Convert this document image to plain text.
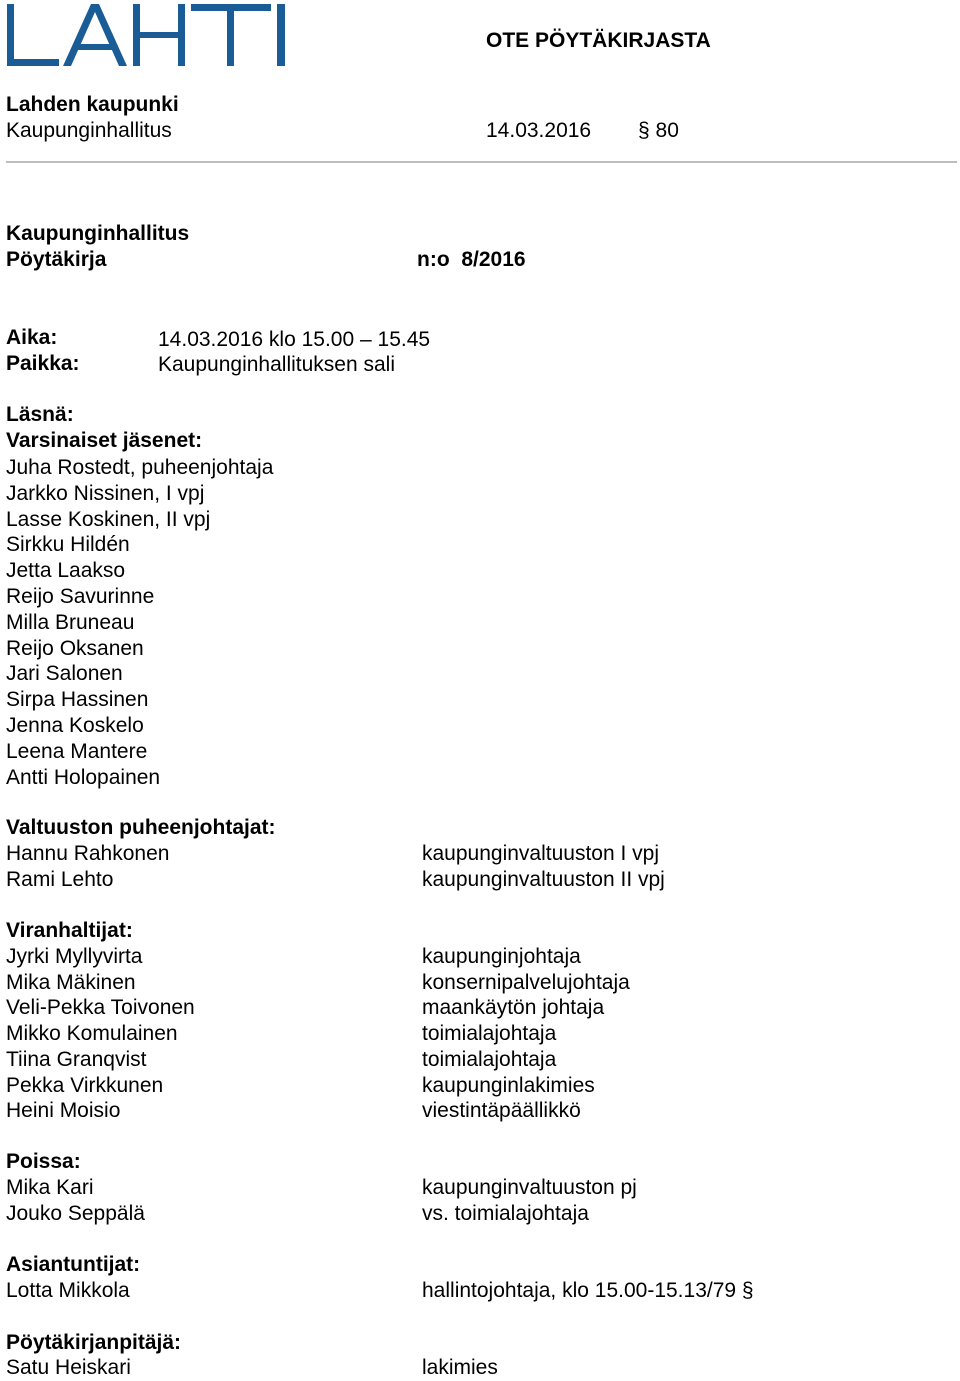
OTE PÖYTÄKIRJASTA
Lahden kaupunki
Kaupunginhallitus	14.03.2016 § 80
Kaupunginhallitus
Pöytäkirja	n:o  8/2016
Aika:	14.03.2016 klo 15.00 – 15.45
Paikka:	Kaupunginhallituksen sali
Läsnä:
Varsinaiset jäsenet:
Juha Rostedt, puheenjohtaja
Jarkko Nissinen, I vpj
Lasse Koskinen, II vpj
Sirkku Hildén
Jetta Laakso
Reijo Savurinne
Milla Bruneau
Reijo Oksanen
Jari Salonen
Sirpa Hassinen
Jenna Koskelo
Leena Mantere
Antti Holopainen
Valtuuston puheenjohtajat:
Hannu Rahkonen	kaupunginvaltuuston I vpj
Rami Lehto	kaupunginvaltuuston II vpj
Viranhaltijat:
Jyrki Myllyvirta	kaupunginjohtaja
Mika Mäkinen	konsernipalvelujohtaja
Veli-Pekka Toivonen	maankäytön johtaja
Mikko Komulainen	toimialajohtaja
Tiina Granqvist	toimialajohtaja
Pekka Virkkunen	kaupunginlakimies
Heini Moisio	viestintäpäällikkö
Poissa:
Mika Kari	kaupunginvaltuuston pj
Jouko Seppälä	vs. toimialajohtaja
Asiantuntijat:
Lotta Mikkola	hallintojohtaja, klo 15.00-15.13/79 §
Pöytäkirjanpitäjä:
Satu Heiskari	lakimies
